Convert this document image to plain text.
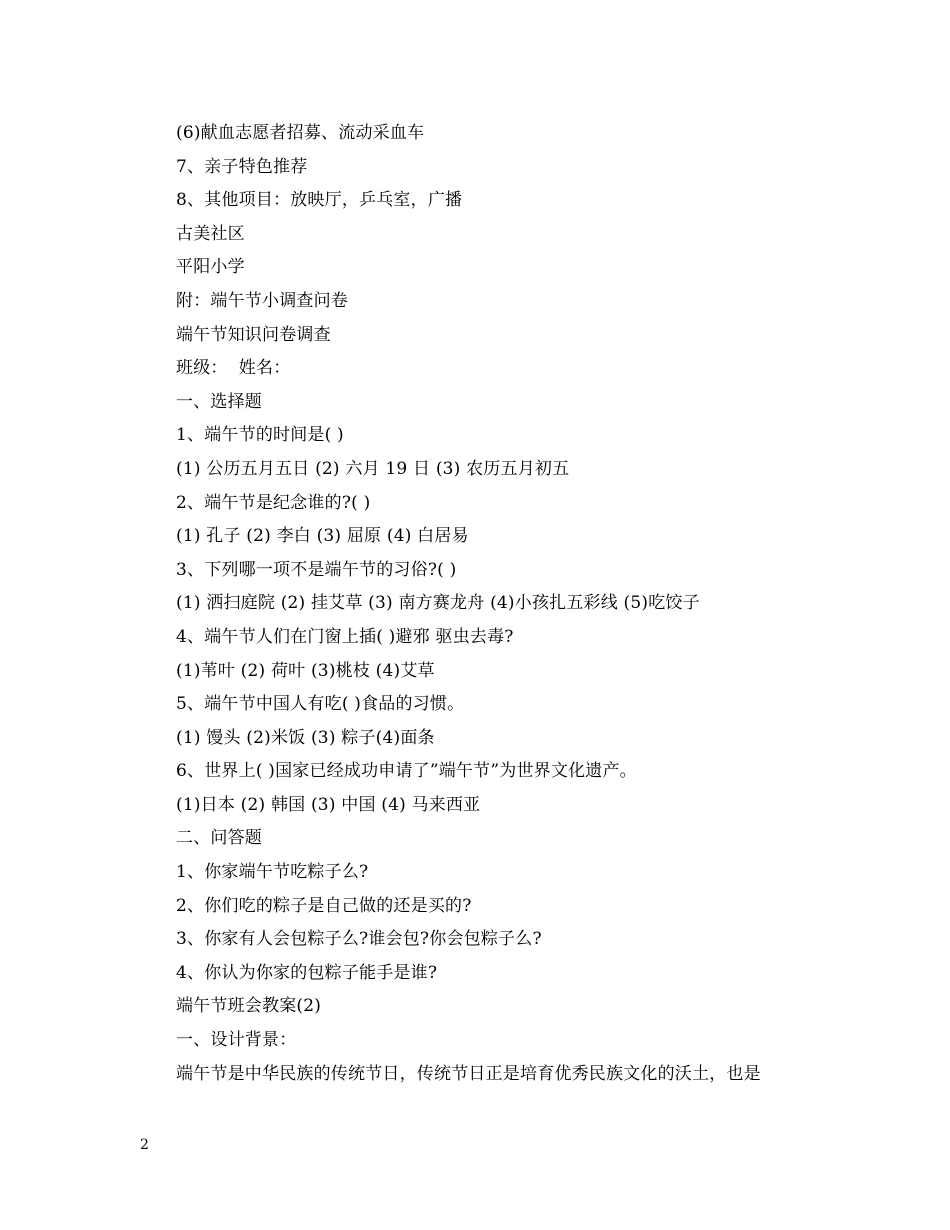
(6)献血志愿者招募、流动采血车
7、亲子特色推荐
8、其他项目：放映厅，乒乓室，广播
古美社区
平阳小学
附：端午节小调查问卷
端午节知识问卷调查
班级：  姓名：
一、选择题
1、端午节的时间是( )
(1) 公历五月五日 (2) 六月 19 日 (3) 农历五月初五
2、端午节是纪念谁的?( )
(1) 孔子 (2) 李白 (3) 屈原 (4) 白居易
3、下列哪一项不是端午节的习俗?( )
(1) 洒扫庭院 (2) 挂艾草 (3) 南方赛龙舟 (4)小孩扎五彩线 (5)吃饺子
4、端午节人们在门窗上插( )避邪 驱虫去毒?
(1)苇叶 (2) 荷叶 (3)桃枝 (4)艾草
5、端午节中国人有吃( )食品的习惯。
(1) 馒头 (2)米饭 (3) 粽子(4)面条
6、世界上( )国家已经成功申请了”端午节”为世界文化遗产。
(1)日本 (2) 韩国 (3) 中国 (4) 马来西亚
二、问答题
1、你家端午节吃粽子么?
2、你们吃的粽子是自己做的还是买的?
3、你家有人会包粽子么?谁会包?你会包粽子么?
4、你认为你家的包粽子能手是谁?
端午节班会教案(2)
一、设计背景：
端午节是中华民族的传统节日，传统节日正是培育优秀民族文化的沃土，也是
2
